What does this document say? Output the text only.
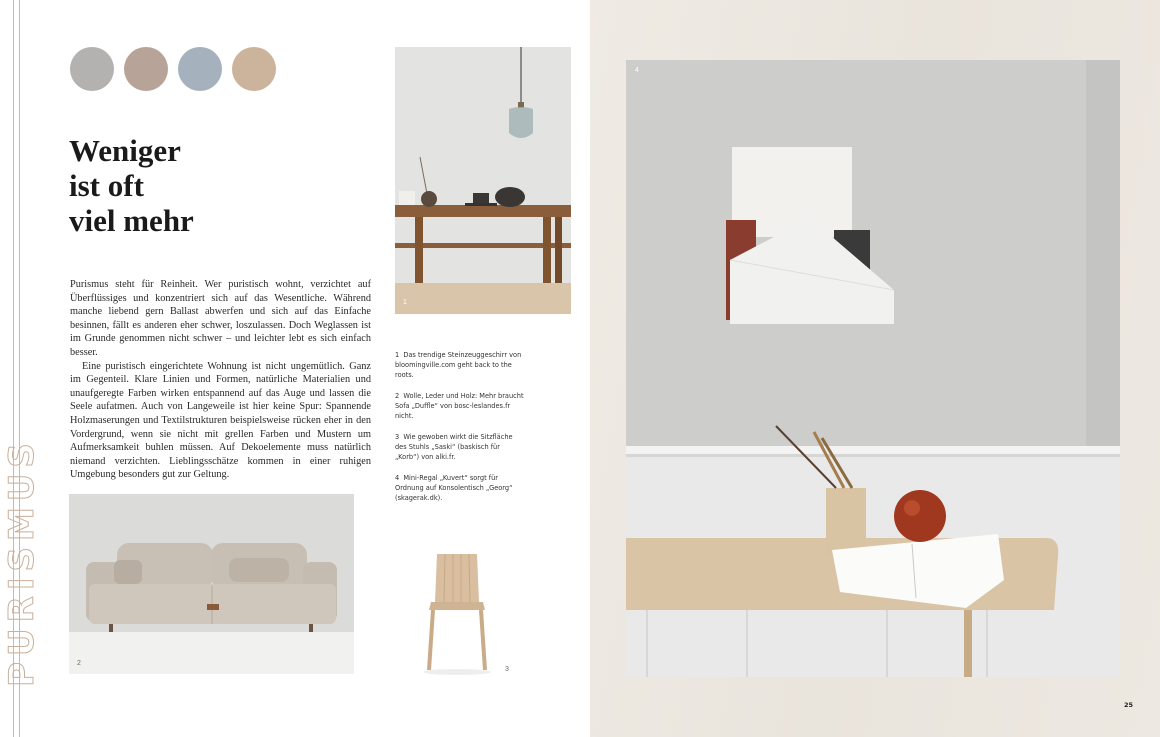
PURISMUS
Weniger
ist oft
viel mehr

Purismus steht für Reinheit. Wer puristisch wohnt, verzichtet auf Überflüssiges und konzentriert sich auf das Wesentliche. Während manche liebend gern Ballast abwerfen und sich auf das Einfache besinnen, fällt es anderen eher schwer, loszulassen. Doch Weglassen ist im Grunde genommen nicht schwer – und leichter lebt es sich einfach besser.

Eine puristisch eingerichtete Wohnung ist nicht ungemütlich. Ganz im Gegenteil. Klare Linien und Formen, natürliche Materialien und unaufgeregte Farben wirken entspannend auf das Auge und lassen die Seele aufatmen. Auch von Langeweile ist hier keine Spur: Spannende Holzmaserungen und Textilstrukturen beispielsweise rücken eher in den Vordergrund, wenn sie nicht mit grellen Farben und Mustern um Aufmerksamkeit buhlen müssen. Auf Dekoelemente muss natürlich niemand verzichten. Lieblingsschätze kommen in einer ruhigen Umgebung besonders gut zur Geltung.

1 Das trendige Steinzeuggeschirr von bloomingville.com geht back to the roots.
2 Wolle, Leder und Holz: Mehr braucht Sofa „Duffle“ von bosc-leslandes.fr nicht.
3 Wie gewoben wirkt die Sitzfläche des Stuhls „Saski“ (baskisch für „Korb“) von alki.fr.
4 Mini-Regal „Kuvert“ sorgt für Ordnung auf Konsolentisch „Georg“ (skagerak.dk).
1
2
3
4
25
